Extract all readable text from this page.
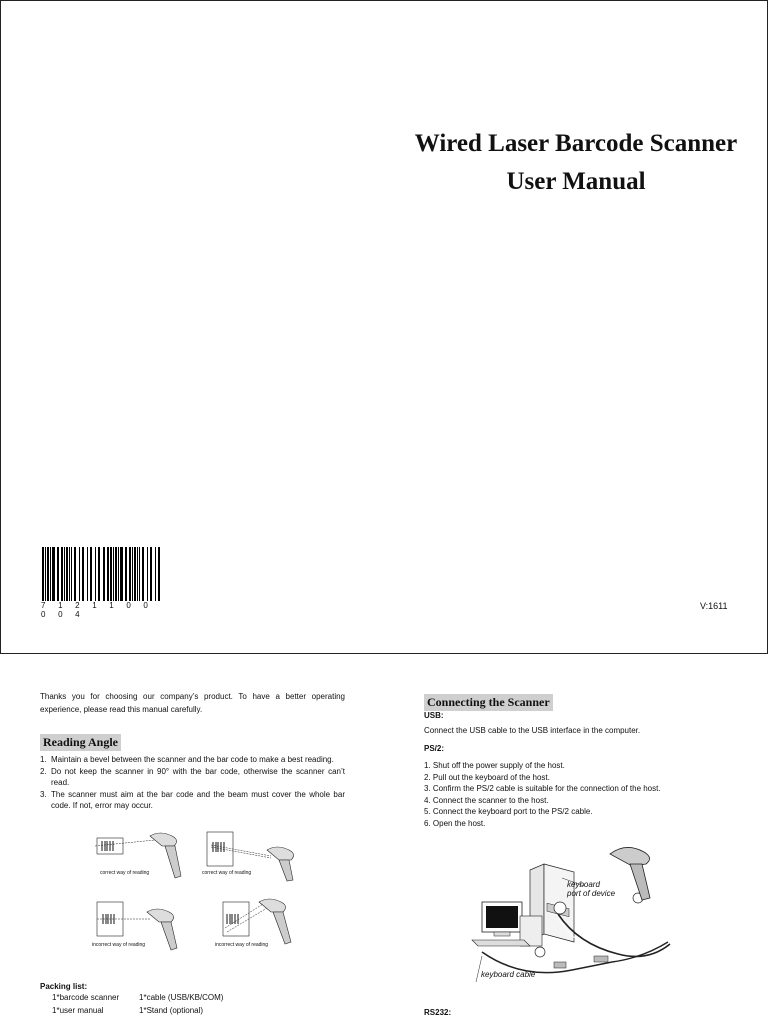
Wired Laser Barcode Scanner
User Manual
7 1 2 1 1 0 0 0 0 4
V:1611
Thanks you for choosing our company’s product. To have a better operating experience, please read this manual carefully.
Reading Angle
1. Maintain a bevel between the scanner and the bar code to make a best reading.
2. Do not keep the scanner in 90° with the bar code, otherwise the scanner can’t read.
3. The scanner must aim at the bar code and the beam must cover the whole bar code. If not, error may occur.
correct way of reading	correct way of reading
incorrect way of reading	incorrect way of reading
Packing list:
1*barcode scanner
1*user manual
1*cable (USB/KB/COM)
1*Stand (optional)
Connecting the Scanner
USB:
Connect the USB cable to the USB interface in the computer.
PS/2:
1. Shut off the power supply of the host.
2. Pull out the keyboard of the host.
3. Confirm the PS/2 cable is suitable for the connection of the host.
4. Connect the scanner to the host.
5. Connect the keyboard port to the PS/2 cable.
6. Open the host.
keyboard
port of device
keyboard cable
RS232:
